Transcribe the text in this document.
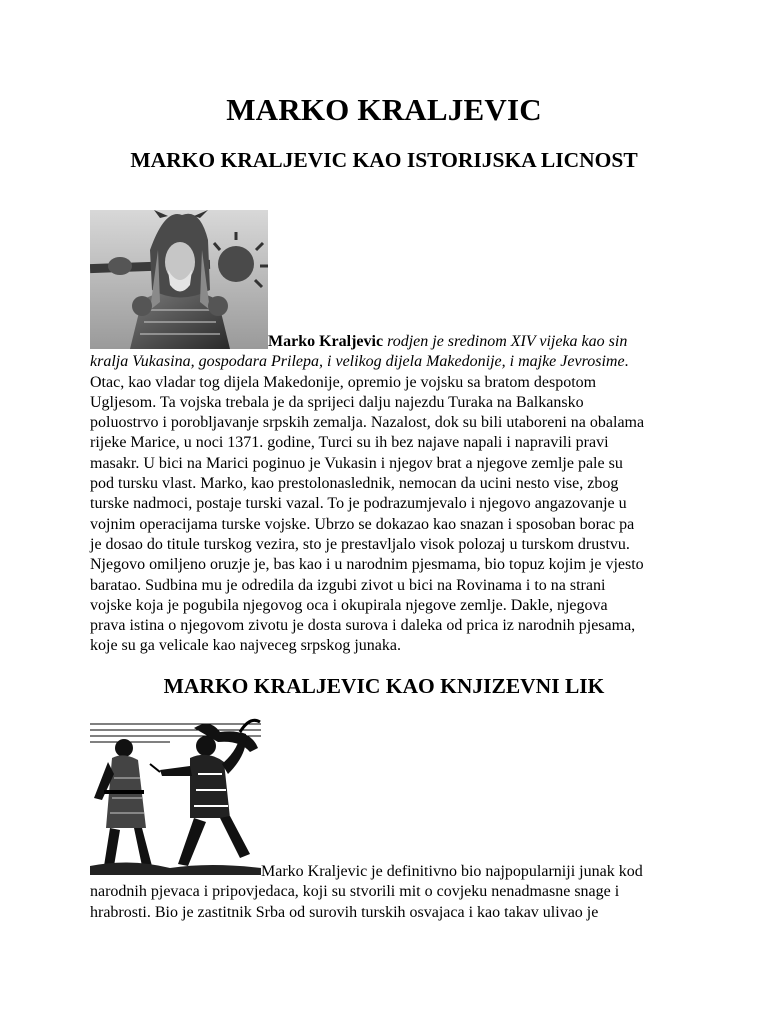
MARKO KRALJEVIC
MARKO KRALJEVIC KAO ISTORIJSKA LICNOST
Marko Kraljevic rodjen je sredinom XIV vijeka kao sin
kralja Vukasina, gospodara Prilepa, i velikog dijela Makedonije, i majke Jevrosime.
Otac, kao vladar tog dijela Makedonije, opremio je vojsku sa bratom despotom
Ugljesom. Ta vojska trebala je da sprijeci dalju najezdu Turaka na Balkansko
poluostrvo i porobljavanje srpskih zemalja. Nazalost, dok su bili utaboreni na obalama
rijeke Marice, u noci 1371. godine, Turci su ih bez najave napali i napravili pravi
masakr. U bici na Marici poginuo je Vukasin i njegov brat a njegove zemlje pale su
pod tursku vlast. Marko, kao prestolonaslednik, nemocan da ucini nesto vise, zbog
turske nadmoci, postaje turski vazal. To je podrazumjevalo i njegovo angazovanje u
vojnim operacijama turske vojske. Ubrzo se dokazao kao snazan i sposoban borac pa
je dosao do titule turskog vezira, sto je prestavljalo visok polozaj u turskom drustvu.
Njegovo omiljeno oruzje je, bas kao i u narodnim pjesmama, bio topuz kojim je vjesto
baratao. Sudbina mu je odredila da izgubi zivot u bici na Rovinama i to na strani
vojske koja je pogubila njegovog oca i okupirala njegove zemlje. Dakle, njegova
prava istina o njegovom zivotu je dosta surova i daleka od prica iz narodnih pjesama,
koje su ga velicale kao najveceg srpskog junaka.
MARKO KRALJEVIC KAO KNJIZEVNI LIK
Marko Kraljevic je definitivno bio najpopularniji junak kod
narodnih pjevaca i pripovjedaca, koji su stvorili mit o covjeku nenadmasne snage i
hrabrosti. Bio je zastitnik Srba od surovih turskih osvajaca i kao takav ulivao je
